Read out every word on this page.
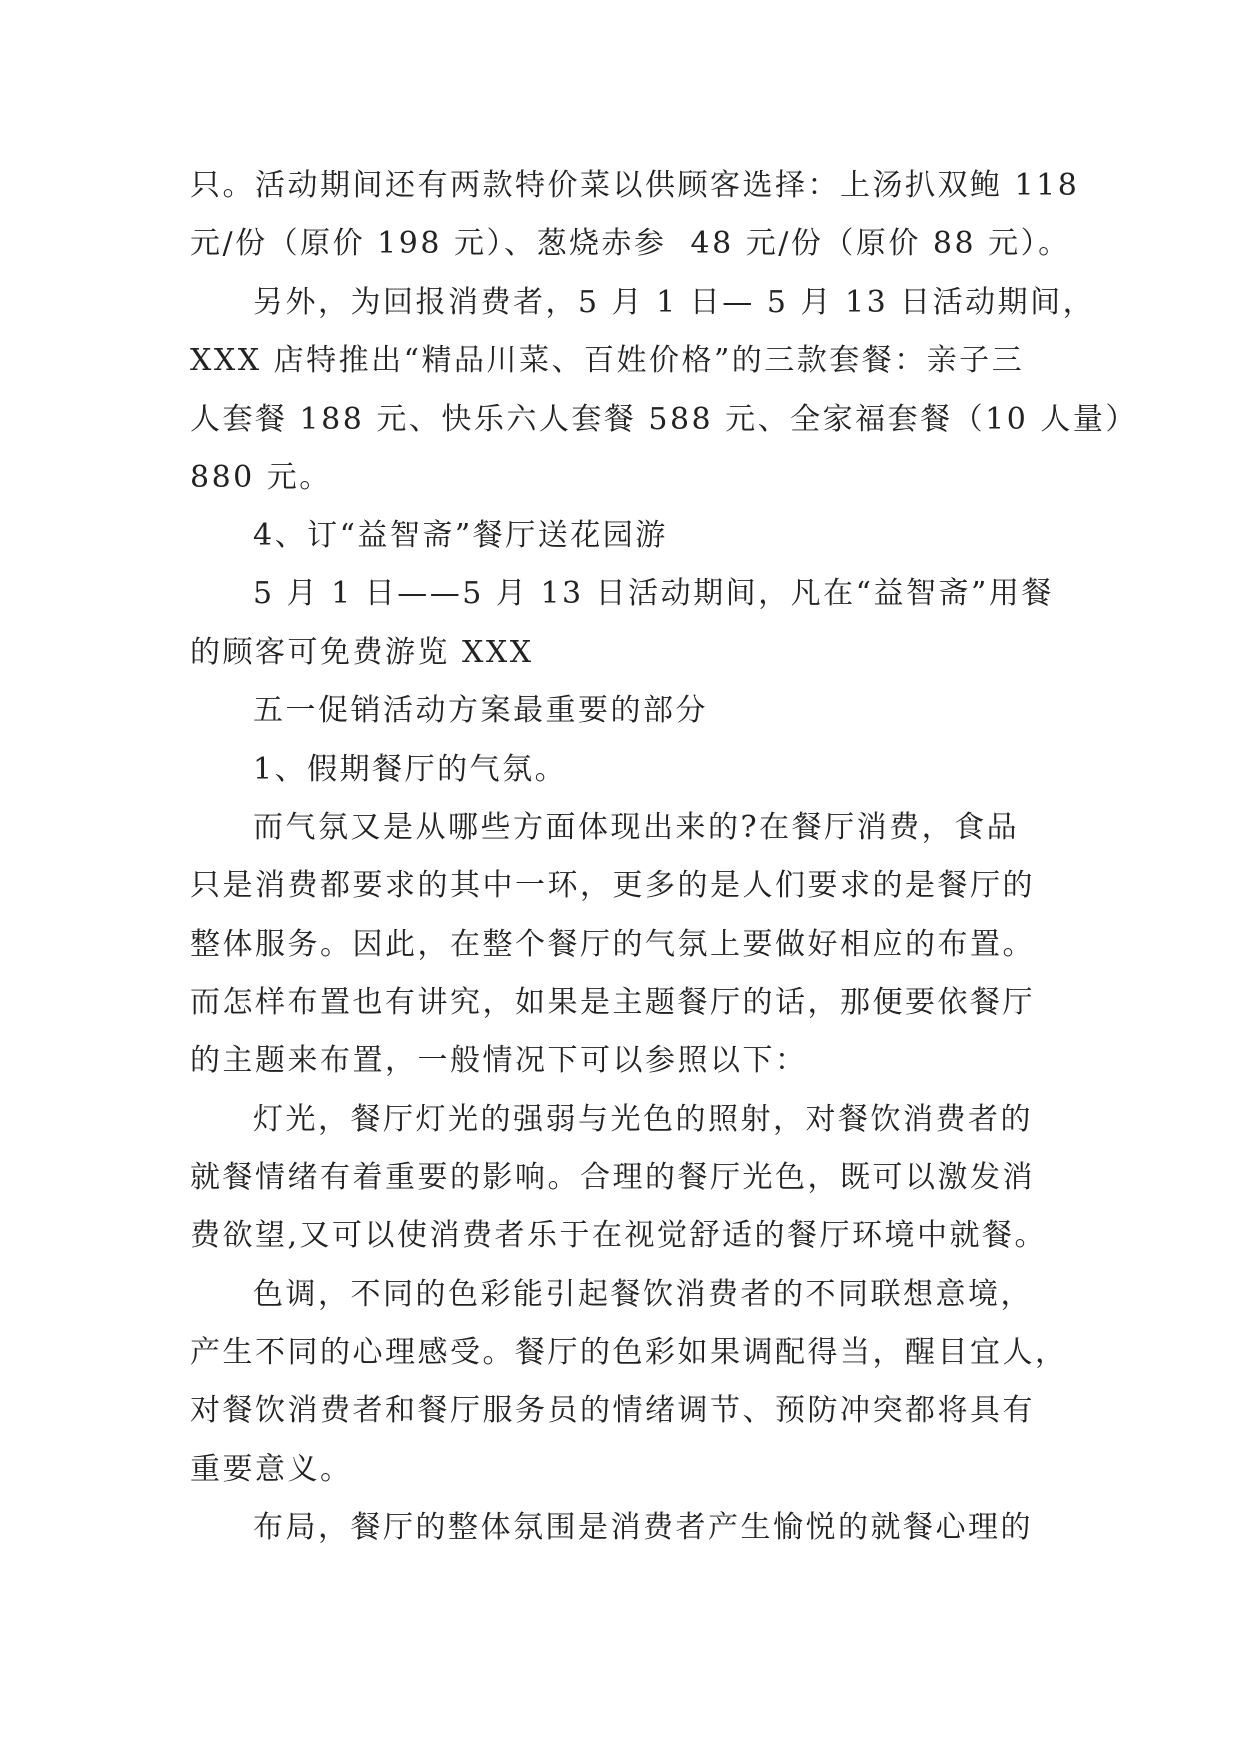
只。活动期间还有两款特价菜以供顾客选择：上汤扒双鲍 118
元/份（原价 198 元）、葱烧赤参  48 元/份（原价 88 元）。
另外，为回报消费者，5 月 1 日— 5 月 13 日活动期间，
XXX 店特推出“精品川菜、百姓价格”的三款套餐：亲子三
人套餐 188 元、快乐六人套餐 588 元、全家福套餐（10 人量）
880 元。
4、订“益智斋”餐厅送花园游
5 月 1 日——5 月 13 日活动期间，凡在“益智斋”用餐
的顾客可免费游览 XXX
五一促销活动方案最重要的部分
1、假期餐厅的气氛。
而气氛又是从哪些方面体现出来的?在餐厅消费，食品
只是消费都要求的其中一环，更多的是人们要求的是餐厅的
整体服务。因此，在整个餐厅的气氛上要做好相应的布置。
而怎样布置也有讲究，如果是主题餐厅的话，那便要依餐厅
的主题来布置，一般情况下可以参照以下：
灯光，餐厅灯光的强弱与光色的照射，对餐饮消费者的
就餐情绪有着重要的影响。合理的餐厅光色，既可以激发消
费欲望,又可以使消费者乐于在视觉舒适的餐厅环境中就餐。
色调，不同的色彩能引起餐饮消费者的不同联想意境，
产生不同的心理感受。餐厅的色彩如果调配得当，醒目宜人，
对餐饮消费者和餐厅服务员的情绪调节、预防冲突都将具有
重要意义。
布局，餐厅的整体氛围是消费者产生愉悦的就餐心理的
